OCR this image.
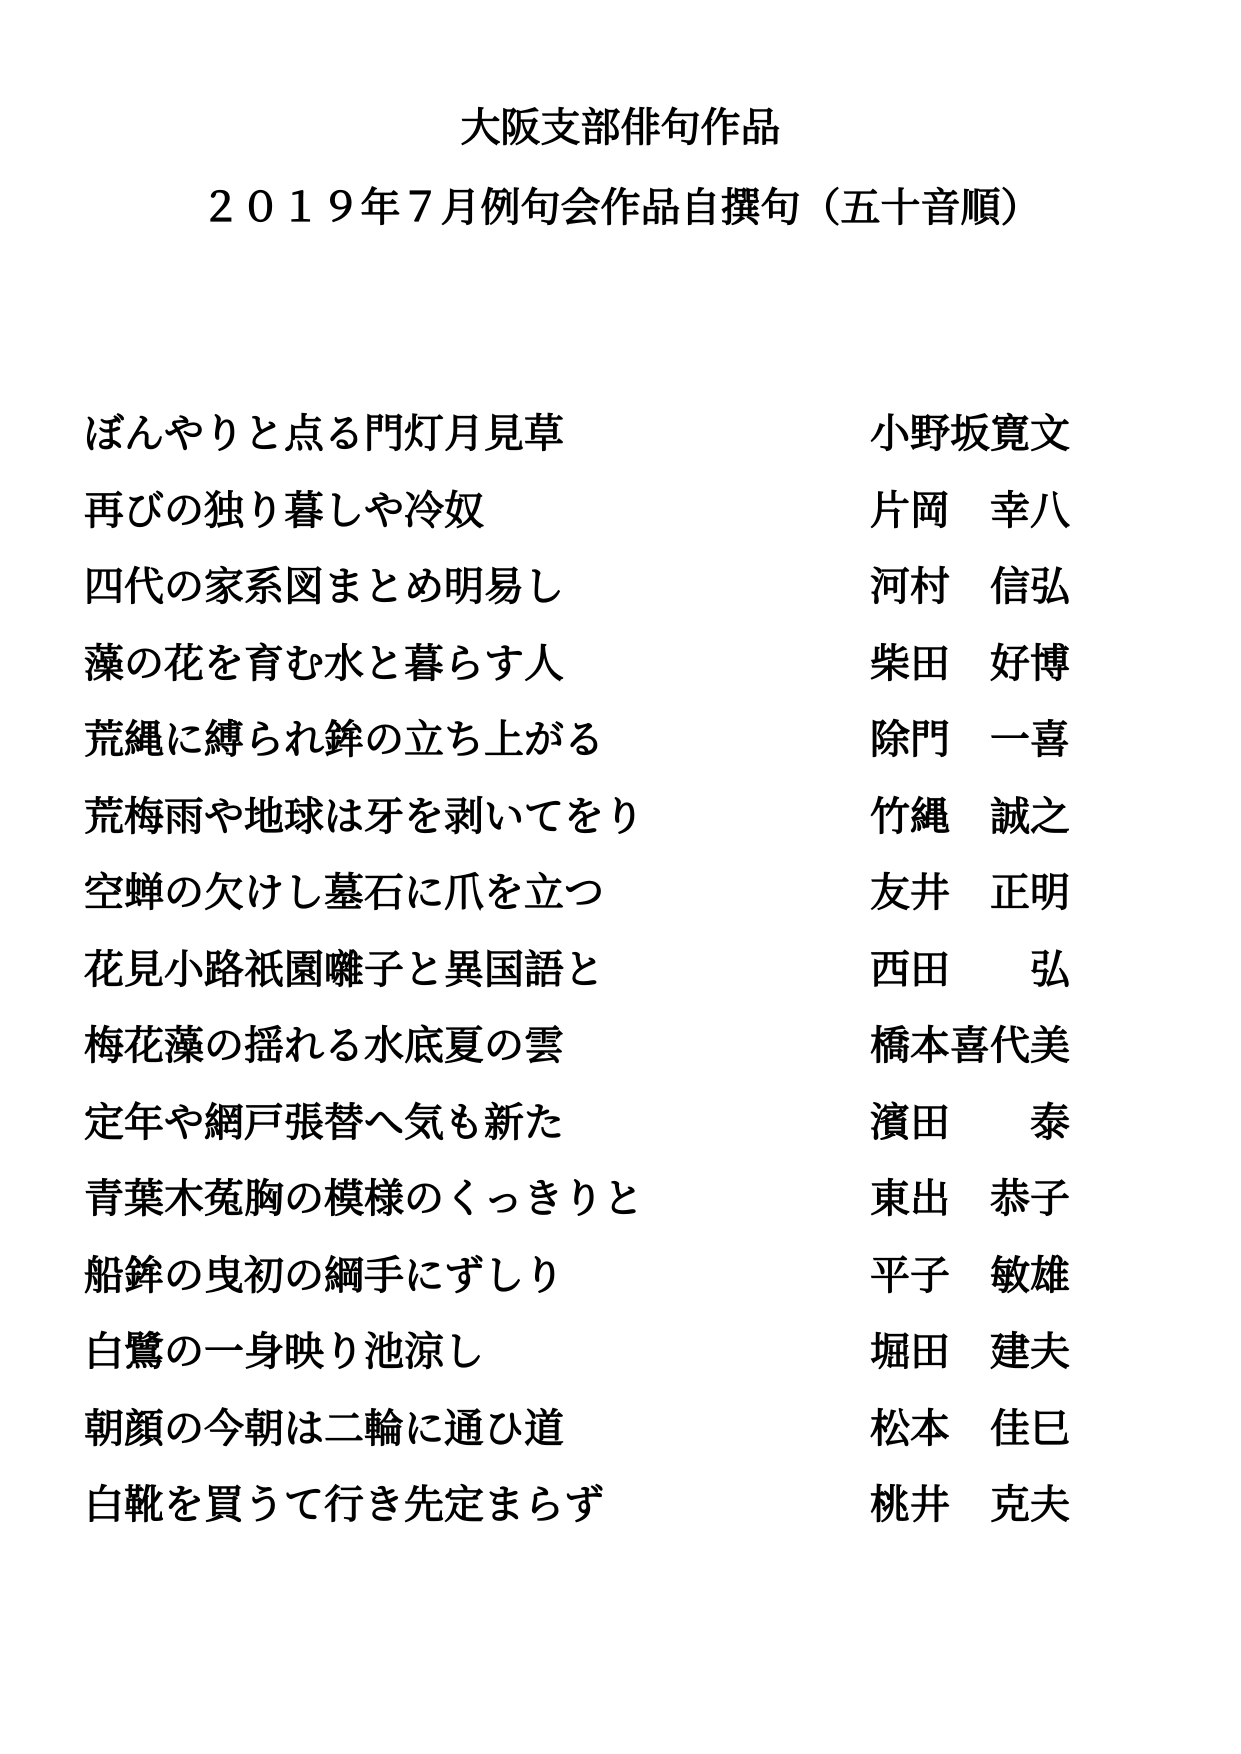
大阪支部俳句作品
２０１９年７月例句会作品自撰句（五十音順）
ぼんやりと点る門灯月見草	小野坂寛文
再びの独り暮しや冷奴	片岡　幸八
四代の家系図まとめ明易し	河村　信弘
藻の花を育む水と暮らす人	柴田　好博
荒縄に縛られ鉾の立ち上がる	除門　一喜
荒梅雨や地球は牙を剥いてをり	竹縄　誠之
空蝉の欠けし墓石に爪を立つ	友井　正明
花見小路祇園囃子と異国語と	西田　　弘
梅花藻の揺れる水底夏の雲	橋本喜代美
定年や網戸張替へ気も新た	濱田　　泰
青葉木菟胸の模様のくっきりと	東出　恭子
船鉾の曳初の綱手にずしり	平子　敏雄
白鷺の一身映り池涼し	堀田　建夫
朝顔の今朝は二輪に通ひ道	松本　佳巳
白靴を買うて行き先定まらず	桃井　克夫
